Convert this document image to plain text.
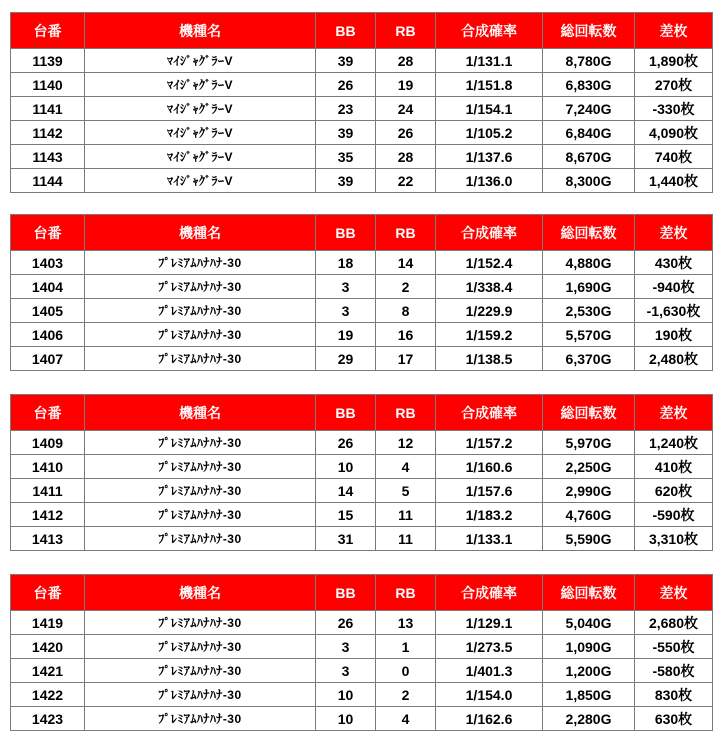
台番	機種名	BB	RB	合成確率	総回転数	差枚
1139	ﾏｲｼﾞｬｸﾞﾗｰV	39	28	1/131.1	8,780G	1,890枚
1140	ﾏｲｼﾞｬｸﾞﾗｰV	26	19	1/151.8	6,830G	270枚
1141	ﾏｲｼﾞｬｸﾞﾗｰV	23	24	1/154.1	7,240G	-330枚
1142	ﾏｲｼﾞｬｸﾞﾗｰV	39	26	1/105.2	6,840G	4,090枚
1143	ﾏｲｼﾞｬｸﾞﾗｰV	35	28	1/137.6	8,670G	740枚
1144	ﾏｲｼﾞｬｸﾞﾗｰV	39	22	1/136.0	8,300G	1,440枚
台番	機種名	BB	RB	合成確率	総回転数	差枚
1403	ﾌﾟﾚﾐｱﾑﾊﾅﾊﾅ-30	18	14	1/152.4	4,880G	430枚
1404	ﾌﾟﾚﾐｱﾑﾊﾅﾊﾅ-30	3	2	1/338.4	1,690G	-940枚
1405	ﾌﾟﾚﾐｱﾑﾊﾅﾊﾅ-30	3	8	1/229.9	2,530G	-1,630枚
1406	ﾌﾟﾚﾐｱﾑﾊﾅﾊﾅ-30	19	16	1/159.2	5,570G	190枚
1407	ﾌﾟﾚﾐｱﾑﾊﾅﾊﾅ-30	29	17	1/138.5	6,370G	2,480枚
台番	機種名	BB	RB	合成確率	総回転数	差枚
1409	ﾌﾟﾚﾐｱﾑﾊﾅﾊﾅ-30	26	12	1/157.2	5,970G	1,240枚
1410	ﾌﾟﾚﾐｱﾑﾊﾅﾊﾅ-30	10	4	1/160.6	2,250G	410枚
1411	ﾌﾟﾚﾐｱﾑﾊﾅﾊﾅ-30	14	5	1/157.6	2,990G	620枚
1412	ﾌﾟﾚﾐｱﾑﾊﾅﾊﾅ-30	15	11	1/183.2	4,760G	-590枚
1413	ﾌﾟﾚﾐｱﾑﾊﾅﾊﾅ-30	31	11	1/133.1	5,590G	3,310枚
台番	機種名	BB	RB	合成確率	総回転数	差枚
1419	ﾌﾟﾚﾐｱﾑﾊﾅﾊﾅ-30	26	13	1/129.1	5,040G	2,680枚
1420	ﾌﾟﾚﾐｱﾑﾊﾅﾊﾅ-30	3	1	1/273.5	1,090G	-550枚
1421	ﾌﾟﾚﾐｱﾑﾊﾅﾊﾅ-30	3	0	1/401.3	1,200G	-580枚
1422	ﾌﾟﾚﾐｱﾑﾊﾅﾊﾅ-30	10	2	1/154.0	1,850G	830枚
1423	ﾌﾟﾚﾐｱﾑﾊﾅﾊﾅ-30	10	4	1/162.6	2,280G	630枚
